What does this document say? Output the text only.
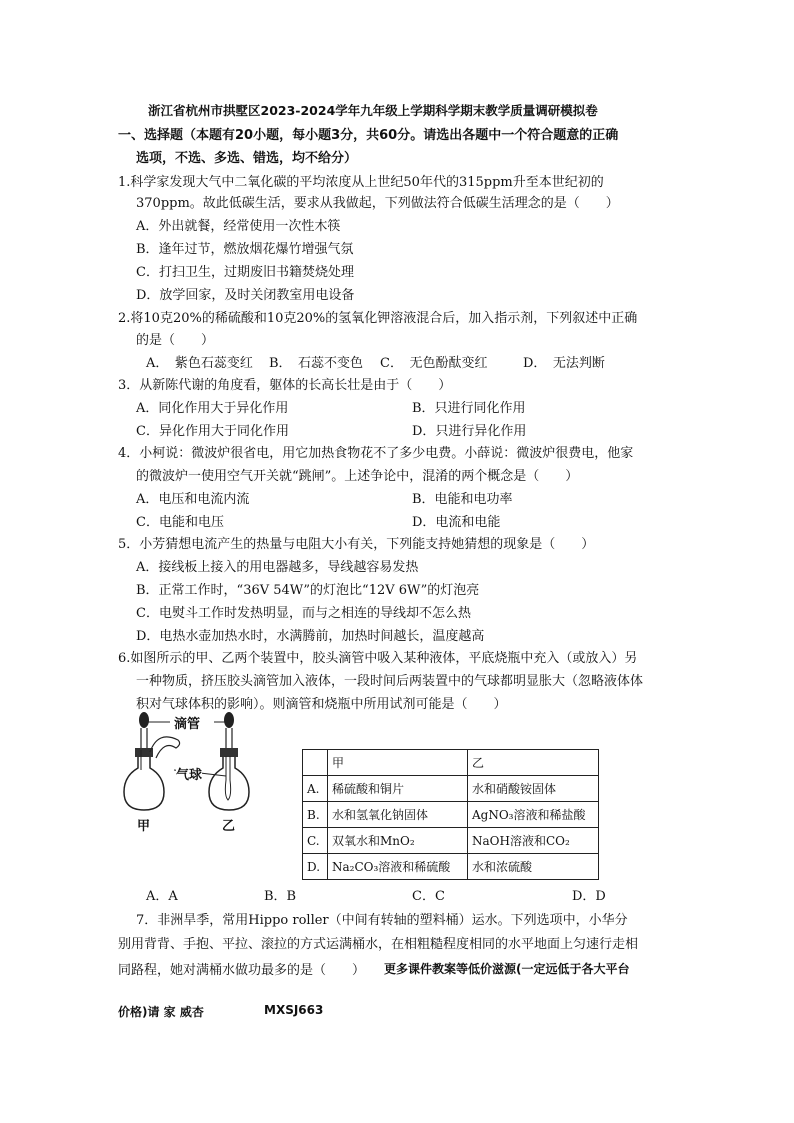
浙江省杭州市拱墅区2023-2024学年九年级上学期科学期末教学质量调研模拟卷
一、选择题（本题有20小题，每小题3分，共60分。请选出各题中一个符合题意的正确
选项，不选、多选、错选，均不给分）
1.科学家发现大气中二氧化碳的平均浓度从上世纪50年代的315ppm升至本世纪初的
370ppm。故此低碳生活，要求从我做起，下列做法符合低碳生活理念的是（　　）
A．外出就餐，经常使用一次性木筷
B．逢年过节，燃放烟花爆竹增强气氛
C．打扫卫生，过期废旧书籍焚烧处理
D．放学回家，及时关闭教室用电设备
2.将10克20%的稀硫酸和10克20%的氢氧化钾溶液混合后，加入指示剂，下列叙述中正确
的是（　　）
A．　紫色石蕊变红 B．　石蕊不变色 C．　无色酚酞变红	D．　无法判断
3．从新陈代谢的角度看，躯体的长高长壮是由于（　　）
A．同化作用大于异化作用	B．只进行同化作用
C．异化作用大于同化作用	D．只进行异化作用
4．小柯说：微波炉很省电，用它加热食物花不了多少电费。小薛说：微波炉很费电，他家
的微波炉一使用空气开关就“跳闸”。上述争论中，混淆的两个概念是（　　）
A．电压和电流内流	B．电能和电功率
C．电能和电压	D．电流和电能
5．小芳猜想电流产生的热量与电阻大小有关，下列能支持她猜想的现象是（　　）
A．接线板上接入的用电器越多，导线越容易发热
B．正常工作时，“36V 54W”的灯泡比“12V 6W”的灯泡亮
C．电熨斗工作时发热明显，而与之相连的导线却不怎么热
D．电热水壶加热水时，水满腾前，加热时间越长，温度越高
6.如图所示的甲、乙两个装置中，胶头滴管中吸入某种液体，平底烧瓶中充入（或放入）另
一种物质，挤压胶头滴管加入液体，一段时间后两装置中的气球都明显胀大（忽略液体体
积对气球体积的影响）。则滴管和烧瓶中所用试剂可能是（　　）
滴管
气球
甲	乙
	甲	乙
A.	稀硫酸和铜片	水和硝酸铵固体
B.	水和氢氧化钠固体	AgNO₃溶液和稀盐酸
C.	双氧水和MnO₂	NaOH溶液和CO₂
D.	Na₂CO₃溶液和稀硫酸	水和浓硫酸
A．A	B．B	C．C	D．D
7．非洲旱季，常用Hippo roller（中间有转轴的塑料桶）运水。下列选项中，小华分
别用背背、手抱、平拉、滚拉的方式运满桶水，在相粗糙程度相同的水平地面上匀速行走相
同路程，她对满桶水做功最多的是（　　） 更多课件教案等低价滋源(一定远低于各大平台
价格)请 家 威杏	MXSJ663
